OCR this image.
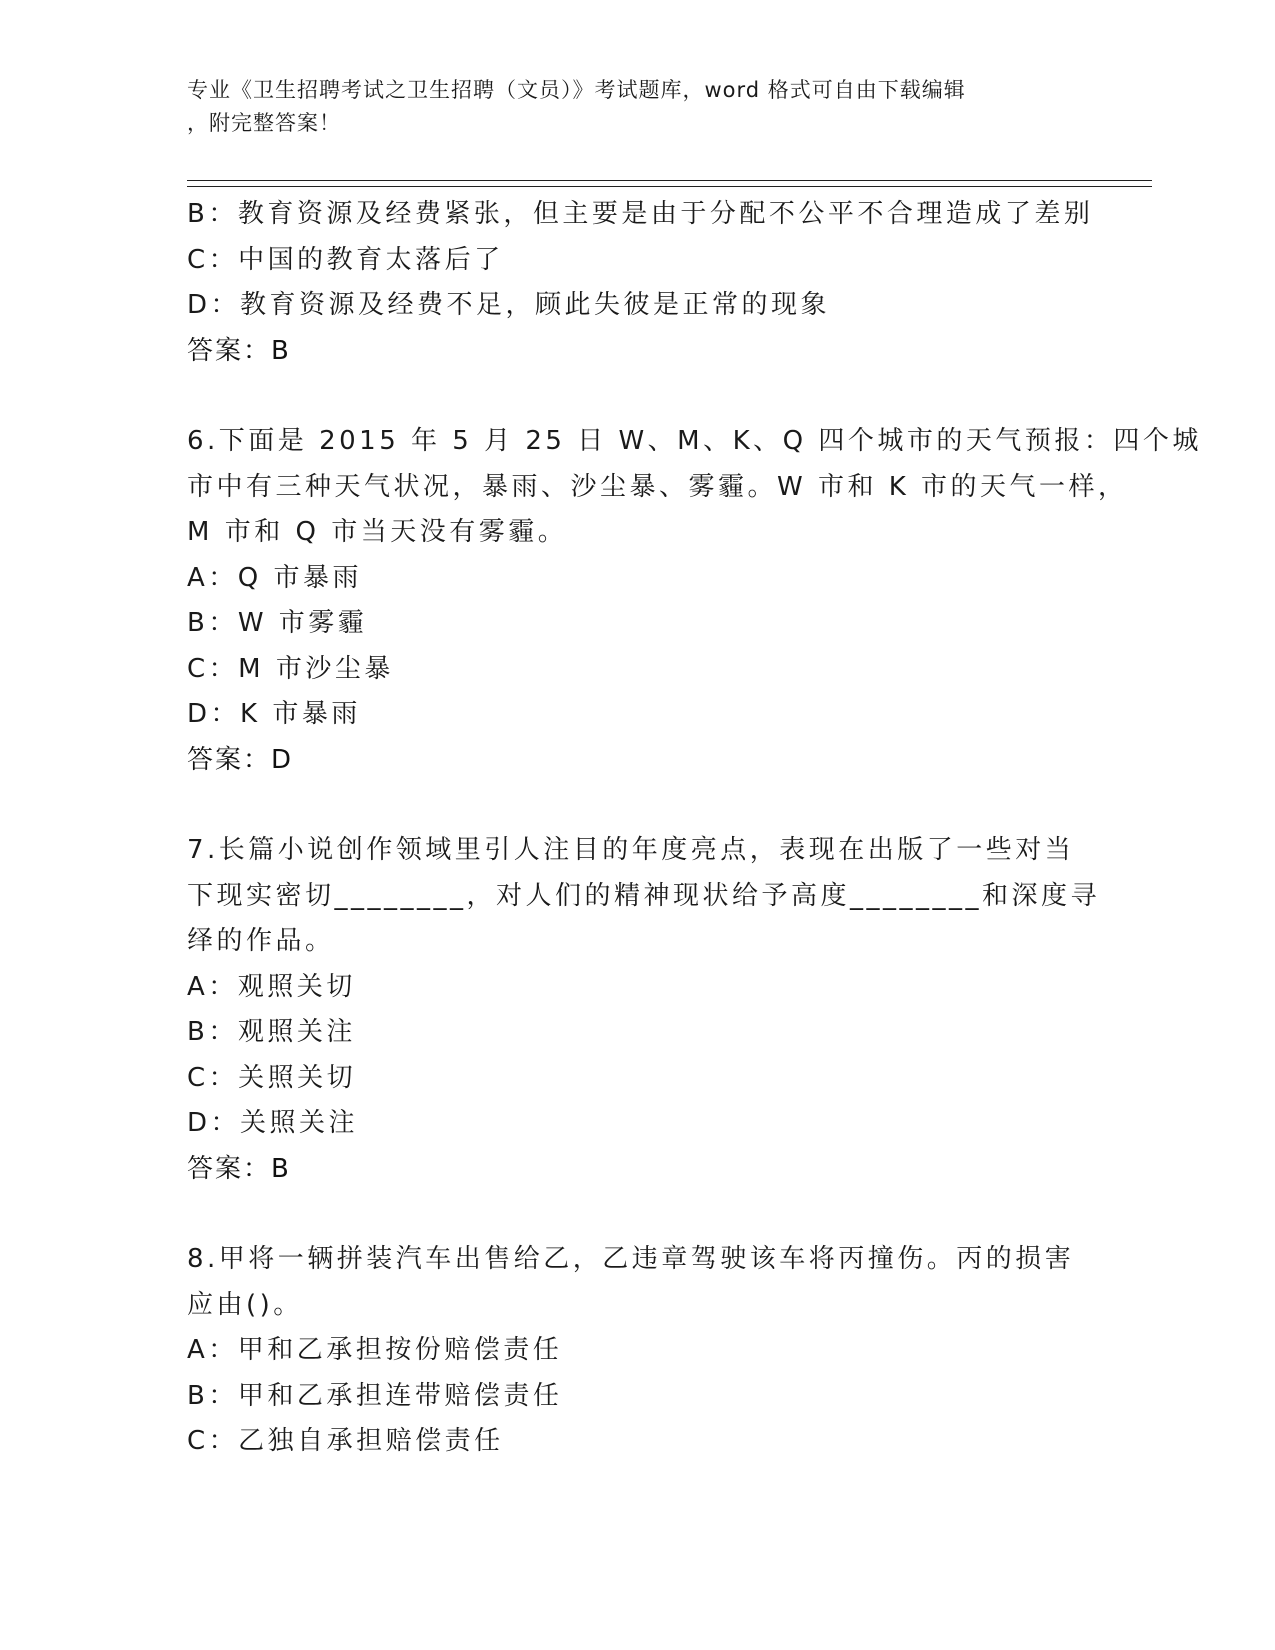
专业《卫生招聘考试之卫生招聘（文员）》考试题库，word 格式可自由下载编辑
，附完整答案！
B：教育资源及经费紧张，但主要是由于分配不公平不合理造成了差别
C：中国的教育太落后了
D：教育资源及经费不足，顾此失彼是正常的现象
答案：B
6.下面是 2015 年 5 月 25 日 W、M、K、Q 四个城市的天气预报：四个城
市中有三种天气状况，暴雨、沙尘暴、雾霾。W 市和 K 市的天气一样，
M 市和 Q 市当天没有雾霾。
A：Q 市暴雨
B：W 市雾霾
C：M 市沙尘暴
D：K 市暴雨
答案：D
7.长篇小说创作领域里引人注目的年度亮点，表现在出版了一些对当
下现实密切________，对人们的精神现状给予高度________和深度寻
绎的作品。
A：观照关切
B：观照关注
C：关照关切
D：关照关注
答案：B
8.甲将一辆拼装汽车出售给乙，乙违章驾驶该车将丙撞伤。丙的损害
应由()。
A：甲和乙承担按份赔偿责任
B：甲和乙承担连带赔偿责任
C：乙独自承担赔偿责任
